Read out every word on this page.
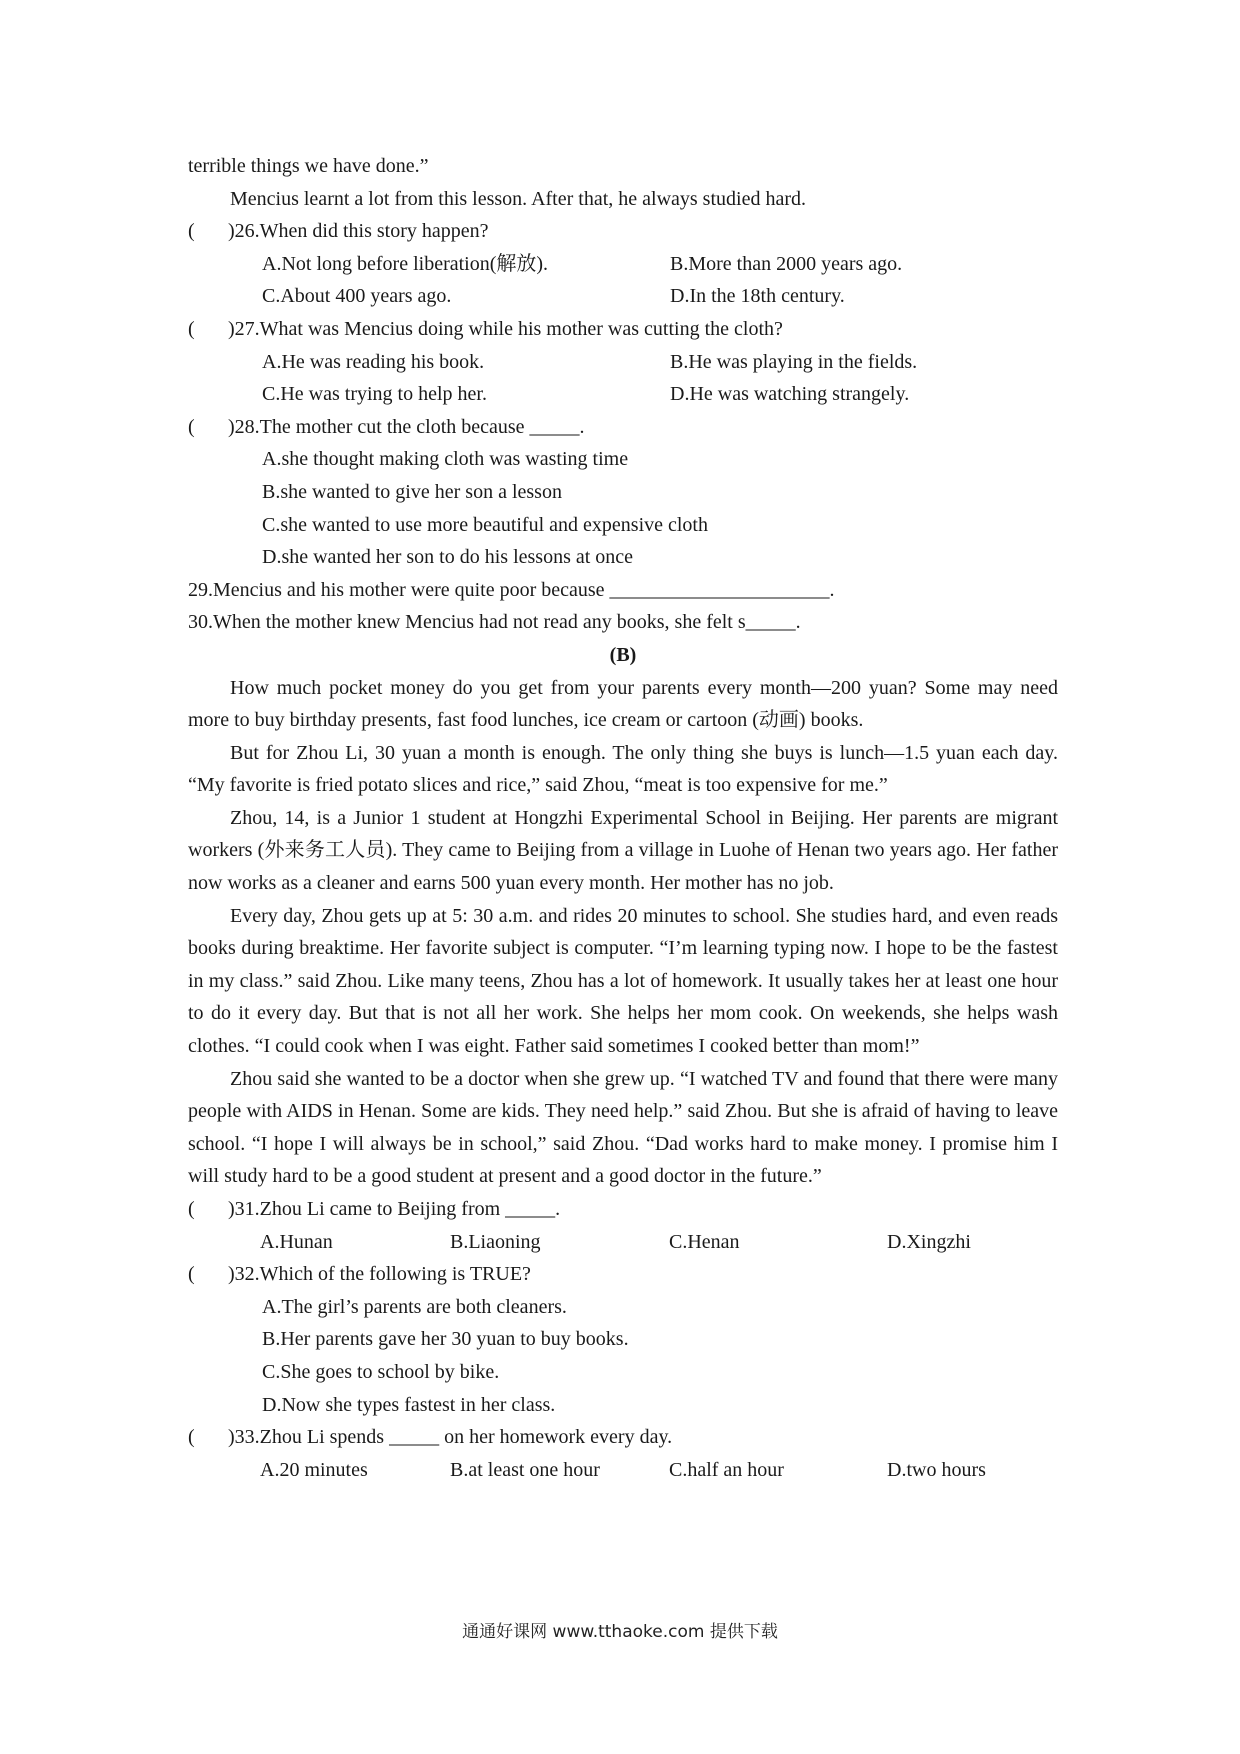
terrible things we have done.”

Mencius learnt a lot from this lesson. After that, he always studied hard.

(	)26.When did this story happen?
A.Not long before liberation(解放).	B.More than 2000 years ago.
C.About 400 years ago.	D.In the 18th century.
(	)27.What was Mencius doing while his mother was cutting the cloth?
A.He was reading his book.	B.He was playing in the fields.
C.He was trying to help her.	D.He was watching strangely.
(	)28.The mother cut the cloth because _____.
A.she thought making cloth was wasting time
B.she wanted to give her son a lesson
C.she wanted to use more beautiful and expensive cloth
D.she wanted her son to do his lessons at once
29.Mencius and his mother were quite poor because ______________________.
30.When the mother knew Mencius had not read any books, she felt s_____.
(B)

How much pocket money do you get from your parents every month—200 yuan? Some may need more to buy birthday presents, fast food lunches, ice cream or cartoon (动画) books.

But for Zhou Li, 30 yuan a month is enough. The only thing she buys is lunch—1.5 yuan each day. “My favorite is fried potato slices and rice,” said Zhou, “meat is too expensive for me.”

Zhou, 14, is a Junior 1 student at Hongzhi Experimental School in Beijing. Her parents are migrant workers (外来务工人员). They came to Beijing from a village in Luohe of Henan two years ago. Her father now works as a cleaner and earns 500 yuan every month. Her mother has no job.

Every day, Zhou gets up at 5: 30 a.m. and rides 20 minutes to school. She studies hard, and even reads books during breaktime. Her favorite subject is computer. “I’m learning typing now. I hope to be the fastest in my class.” said Zhou. Like many teens, Zhou has a lot of homework. It usually takes her at least one hour to do it every day. But that is not all her work. She helps her mom cook. On weekends, she helps wash clothes. “I could cook when I was eight. Father said sometimes I cooked better than mom!”

Zhou said she wanted to be a doctor when she grew up. “I watched TV and found that there were many people with AIDS in Henan. Some are kids. They need help.” said Zhou. But she is afraid of having to leave school. “I hope I will always be in school,” said Zhou. “Dad works hard to make money. I promise him I will study hard to be a good student at present and a good doctor in the future.”

(	)31.Zhou Li came to Beijing from _____.
A.Hunan	B.Liaoning	C.Henan	D.Xingzhi
(	)32.Which of the following is TRUE?
A.The girl’s parents are both cleaners.
B.Her parents gave her 30 yuan to buy books.
C.She goes to school by bike.
D.Now she types fastest in her class.
(	)33.Zhou Li spends _____ on her homework every day.
A.20 minutes	B.at least one hour	C.half an hour	D.two hours
通通好课网 www.tthaoke.com 提供下载
